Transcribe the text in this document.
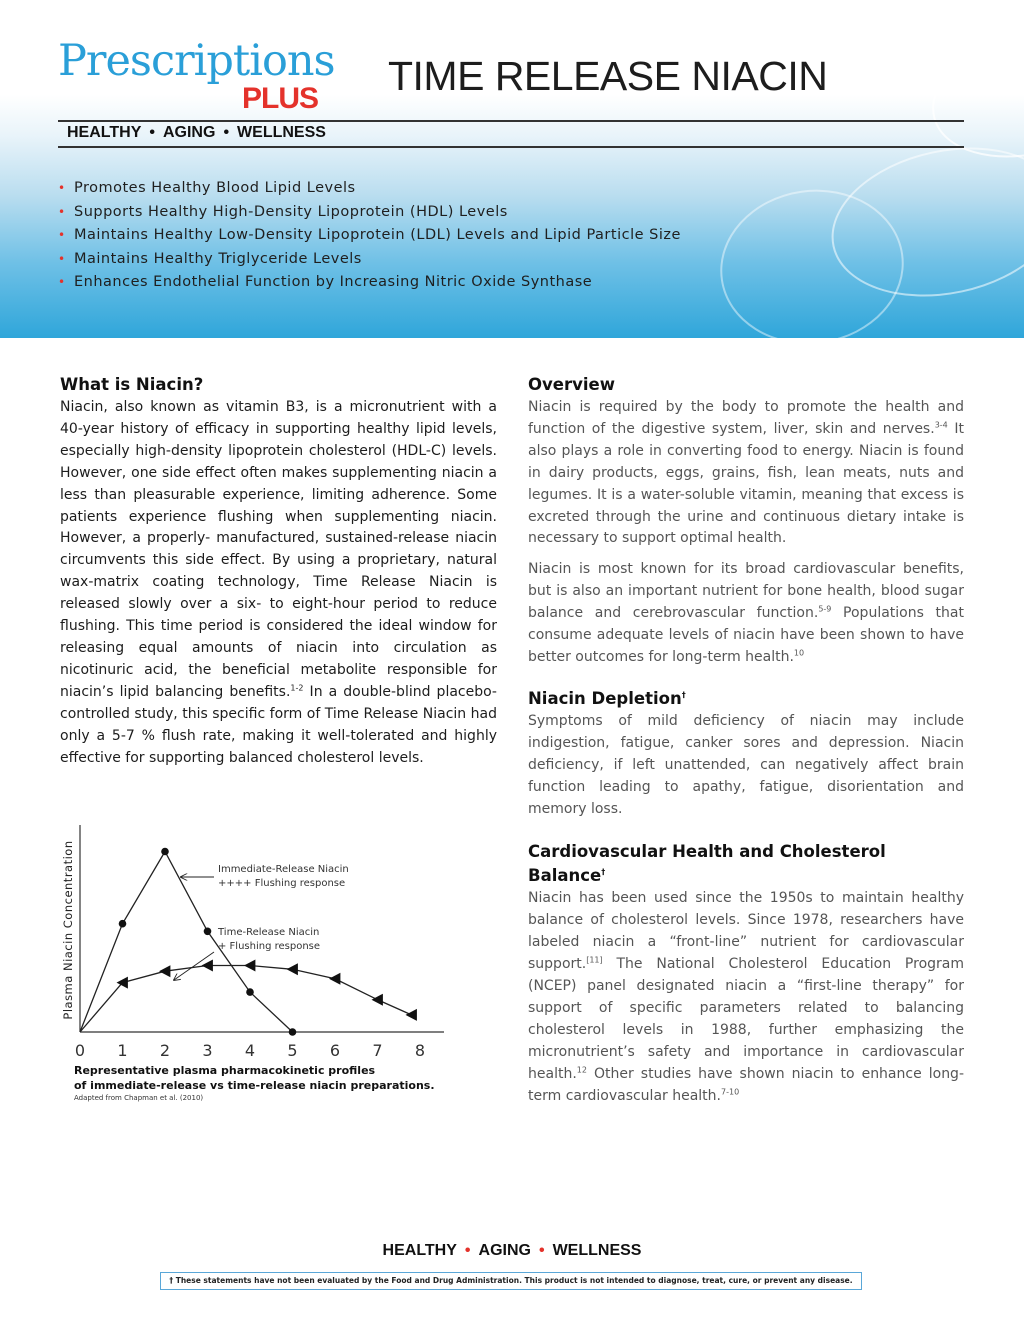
Prescriptions
PLUS TIME RELEASE NIACIN
HEALTHY • AGING • WELLNESS
• Promotes Healthy Blood Lipid Levels
• Supports Healthy High-Density Lipoprotein (HDL) Levels
• Maintains Healthy Low-Density Lipoprotein (LDL) Levels and Lipid Particle Size
• Maintains Healthy Triglyceride Levels
• Enhances Endothelial Function by Increasing Nitric Oxide Synthase
What is Niacin?

Niacin, also known as vitamin B3, is a micronutrient with a 40-year history of efficacy in supporting healthy lipid levels, especially high-density lipoprotein cholesterol (HDL-C) levels. However, one side effect often makes supplementing niacin a less than pleasurable experience, limiting adherence. Some patients experience flushing when supplementing niacin. However, a properly- manufactured, sustained-release niacin circumvents this side effect. By using a proprietary, natural wax-matrix coating technology, Time Release Niacin is released slowly over a six- to eight-hour period to reduce flushing. This time period is considered the ideal window for releasing equal amounts of niacin into circulation as nicotinuric acid, the beneficial metabolite responsible for niacin’s lipid balancing benefits.$^{1-2}$ In a double-blind placebo-controlled study, this specific form of Time Release Niacin had only a 5-7 % flush rate, making it well-tolerated and highly effective for supporting balanced cholesterol levels.

Overview

Niacin is required by the body to promote the health and function of the digestive system, liver, skin and nerves.$^{3-4}$ It also plays a role in converting food to energy. Niacin is found in dairy products, eggs, grains, fish, lean meats, nuts and legumes. It is a water-soluble vitamin, meaning that excess is excreted through the urine and continuous dietary intake is necessary to support optimal health.

Niacin is most known for its broad cardiovascular benefits, but is also an important nutrient for bone health, blood sugar balance and cerebrovascular function.$^{5-9}$ Populations that consume adequate levels of niacin have been shown to have better outcomes for long-term health.$^{10}$

Niacin Depletion†

Symptoms of mild deficiency of niacin may include indigestion, fatigue, canker sores and depression. Niacin deficiency, if left unattended, can negatively affect brain function leading to apathy, fatigue, disorientation and memory loss.

Cardiovascular Health and Cholesterol Balance†

Niacin has been used since the 1950s to maintain healthy balance of cholesterol levels. Since 1978, researchers have labeled niacin a “front-line” nutrient for cardiovascular support.[11] The National Cholesterol Education Program (NCEP) panel designated niacin a “first-line therapy” for support of specific parameters related to balancing cholesterol levels in 1988, further emphasizing the micronutrient’s safety and importance in cardiovascular health.$^{12}$ Other studies have shown niacin to enhance long-term cardiovascular health.$^{7-10}$

Plasma Niacin Concentration
0 1 2 3 4 5 6 7 8
Immediate-Release Niacin
++++ Flushing response
Time-Release Niacin
+ Flushing response
Representative plasma pharmacokinetic profiles
of immediate-release vs time-release niacin preparations.
Adapted from Chapman et al. (2010)
HEALTHY • AGING • WELLNESS
† These statements have not been evaluated by the Food and Drug Administration. This product is not intended to diagnose, treat, cure, or prevent any disease.
